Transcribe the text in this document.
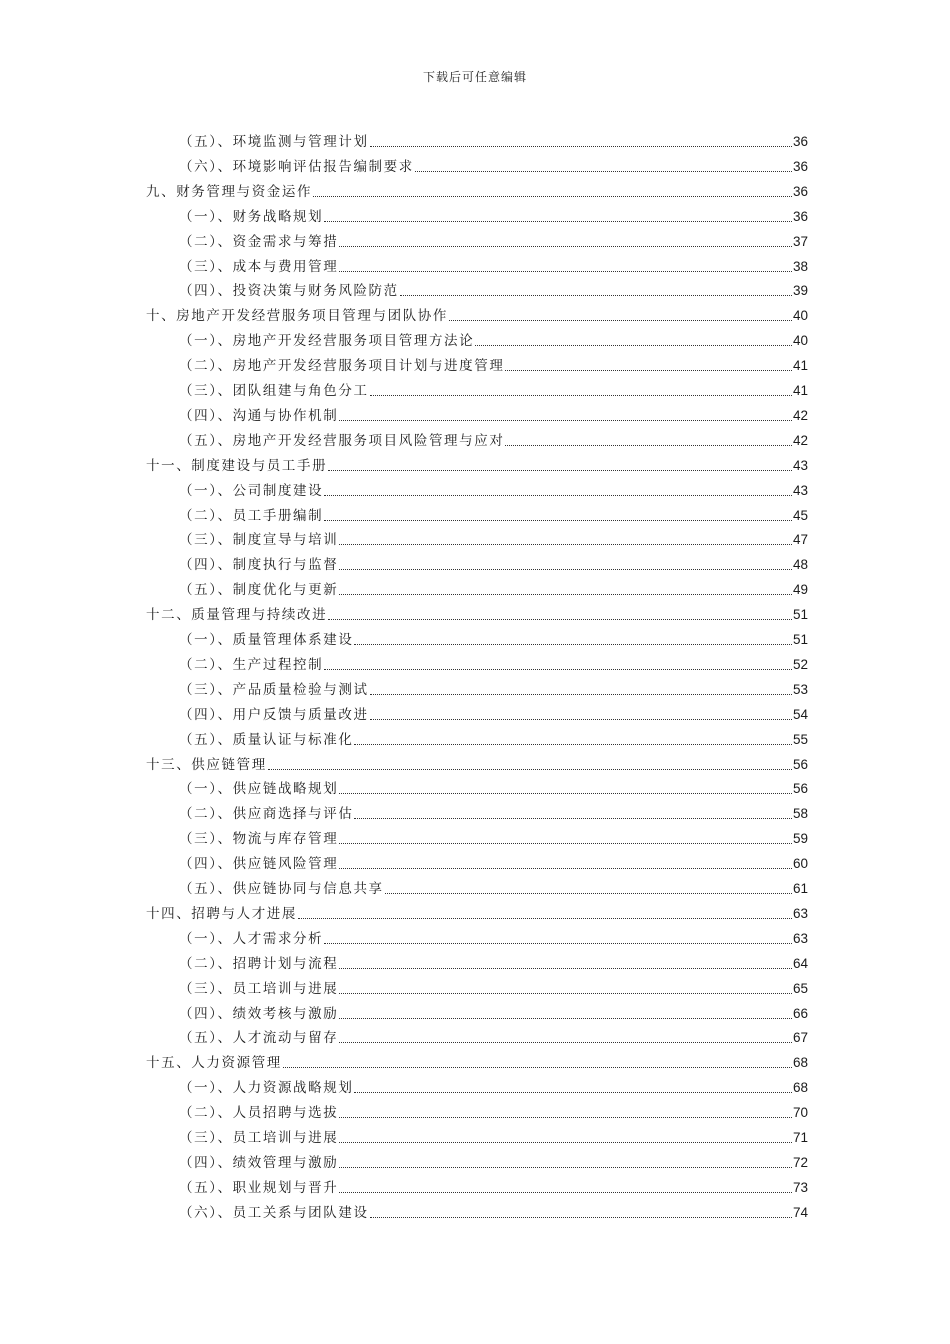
下载后可任意编辑
（五）、环境监测与管理计划	36
（六）、环境影响评估报告编制要求	36
九、财务管理与资金运作	36
（一）、财务战略规划	36
（二）、资金需求与筹措	37
（三）、成本与费用管理	38
（四）、投资决策与财务风险防范	39
十、房地产开发经营服务项目管理与团队协作	40
（一）、房地产开发经营服务项目管理方法论	40
（二）、房地产开发经营服务项目计划与进度管理	41
（三）、团队组建与角色分工	41
（四）、沟通与协作机制	42
（五）、房地产开发经营服务项目风险管理与应对	42
十一、制度建设与员工手册	43
（一）、公司制度建设	43
（二）、员工手册编制	45
（三）、制度宣导与培训	47
（四）、制度执行与监督	48
（五）、制度优化与更新	49
十二、质量管理与持续改进	51
（一）、质量管理体系建设	51
（二）、生产过程控制	52
（三）、产品质量检验与测试	53
（四）、用户反馈与质量改进	54
（五）、质量认证与标准化	55
十三、供应链管理	56
（一）、供应链战略规划	56
（二）、供应商选择与评估	58
（三）、物流与库存管理	59
（四）、供应链风险管理	60
（五）、供应链协同与信息共享	61
十四、招聘与人才进展	63
（一）、人才需求分析	63
（二）、招聘计划与流程	64
（三）、员工培训与进展	65
（四）、绩效考核与激励	66
（五）、人才流动与留存	67
十五、人力资源管理	68
（一）、人力资源战略规划	68
（二）、人员招聘与选拔	70
（三）、员工培训与进展	71
（四）、绩效管理与激励	72
（五）、职业规划与晋升	73
（六）、员工关系与团队建设	74
